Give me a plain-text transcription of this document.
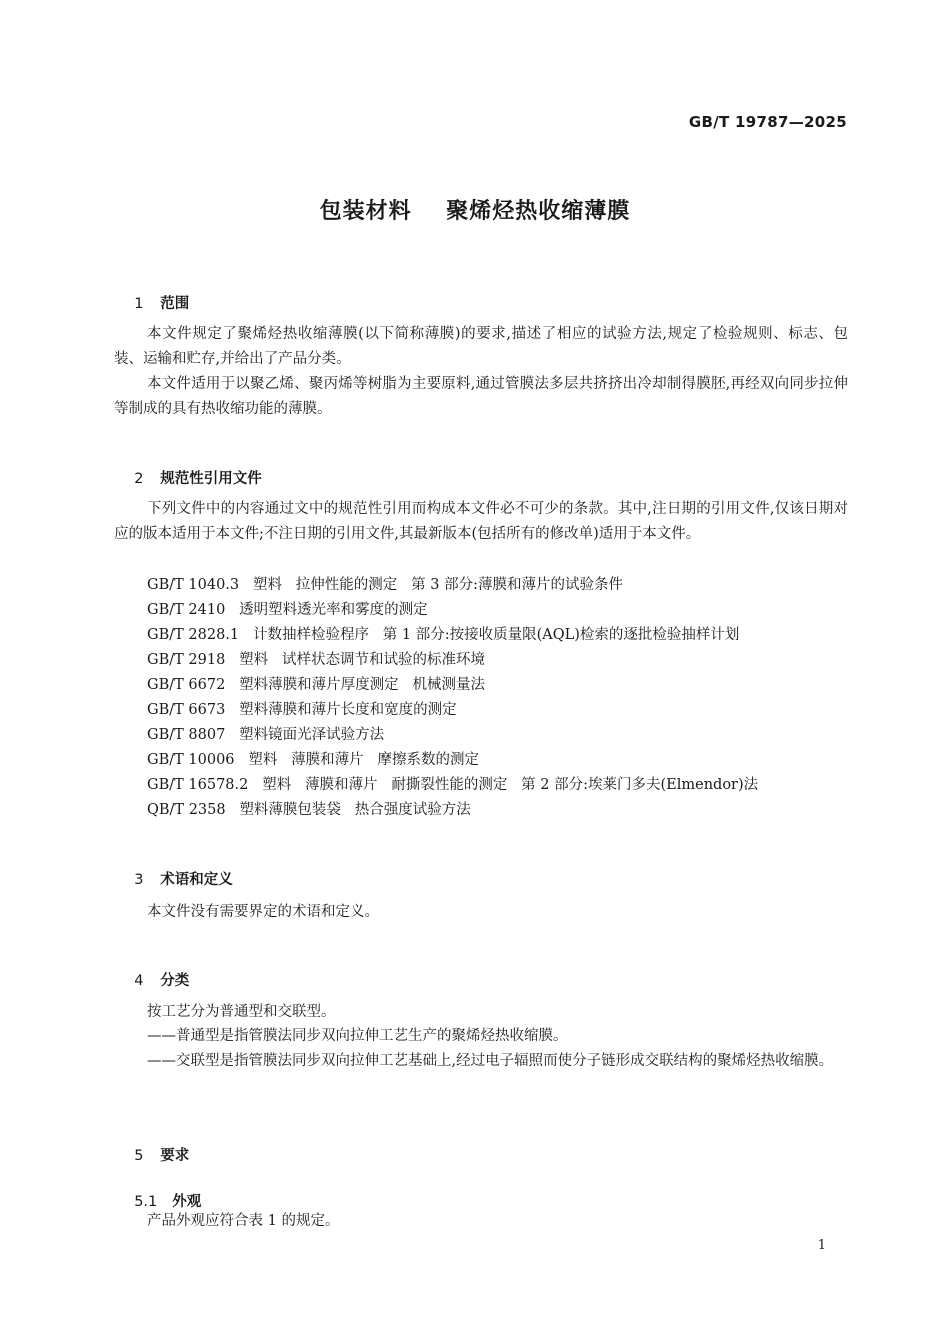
GB/T 19787—2025
包装材料    聚烯烃热收缩薄膜

1 范围

本文件规定了聚烯烃热收缩薄膜(以下简称薄膜)的要求,描述了相应的试验方法,规定了检验规则、标志、包装、运输和贮存,并给出了产品分类。
本文件适用于以聚乙烯、聚丙烯等树脂为主要原料,通过管膜法多层共挤挤出冷却制得膜胚,再经双向同步拉伸等制成的具有热收缩功能的薄膜。

2 规范性引用文件

下列文件中的内容通过文中的规范性引用而构成本文件必不可少的条款。其中,注日期的引用文件,仅该日期对应的版本适用于本文件;不注日期的引用文件,其最新版本(包括所有的修改单)适用于本文件。
GB/T 1040.3   塑料   拉伸性能的测定   第 3 部分:薄膜和薄片的试验条件
GB/T 2410   透明塑料透光率和雾度的测定
GB/T 2828.1   计数抽样检验程序   第 1 部分:按接收质量限(AQL)检索的逐批检验抽样计划
GB/T 2918   塑料   试样状态调节和试验的标准环境
GB/T 6672   塑料薄膜和薄片厚度测定   机械测量法
GB/T 6673   塑料薄膜和薄片长度和宽度的测定
GB/T 8807   塑料镜面光泽试验方法
GB/T 10006   塑料   薄膜和薄片   摩擦系数的测定
GB/T 16578.2   塑料   薄膜和薄片   耐撕裂性能的测定   第 2 部分:埃莱门多夫(Elmendor)法
QB/T 2358   塑料薄膜包装袋   热合强度试验方法

3 术语和定义

本文件没有需要界定的术语和定义。

4 分类

按工艺分为普通型和交联型。
——普通型是指管膜法同步双向拉伸工艺生产的聚烯烃热收缩膜。
——交联型是指管膜法同步双向拉伸工艺基础上,经过电子辐照而使分子链形成交联结构的聚烯烃热收缩膜。

5 要求

5.1 外观

产品外观应符合表 1 的规定。
1
